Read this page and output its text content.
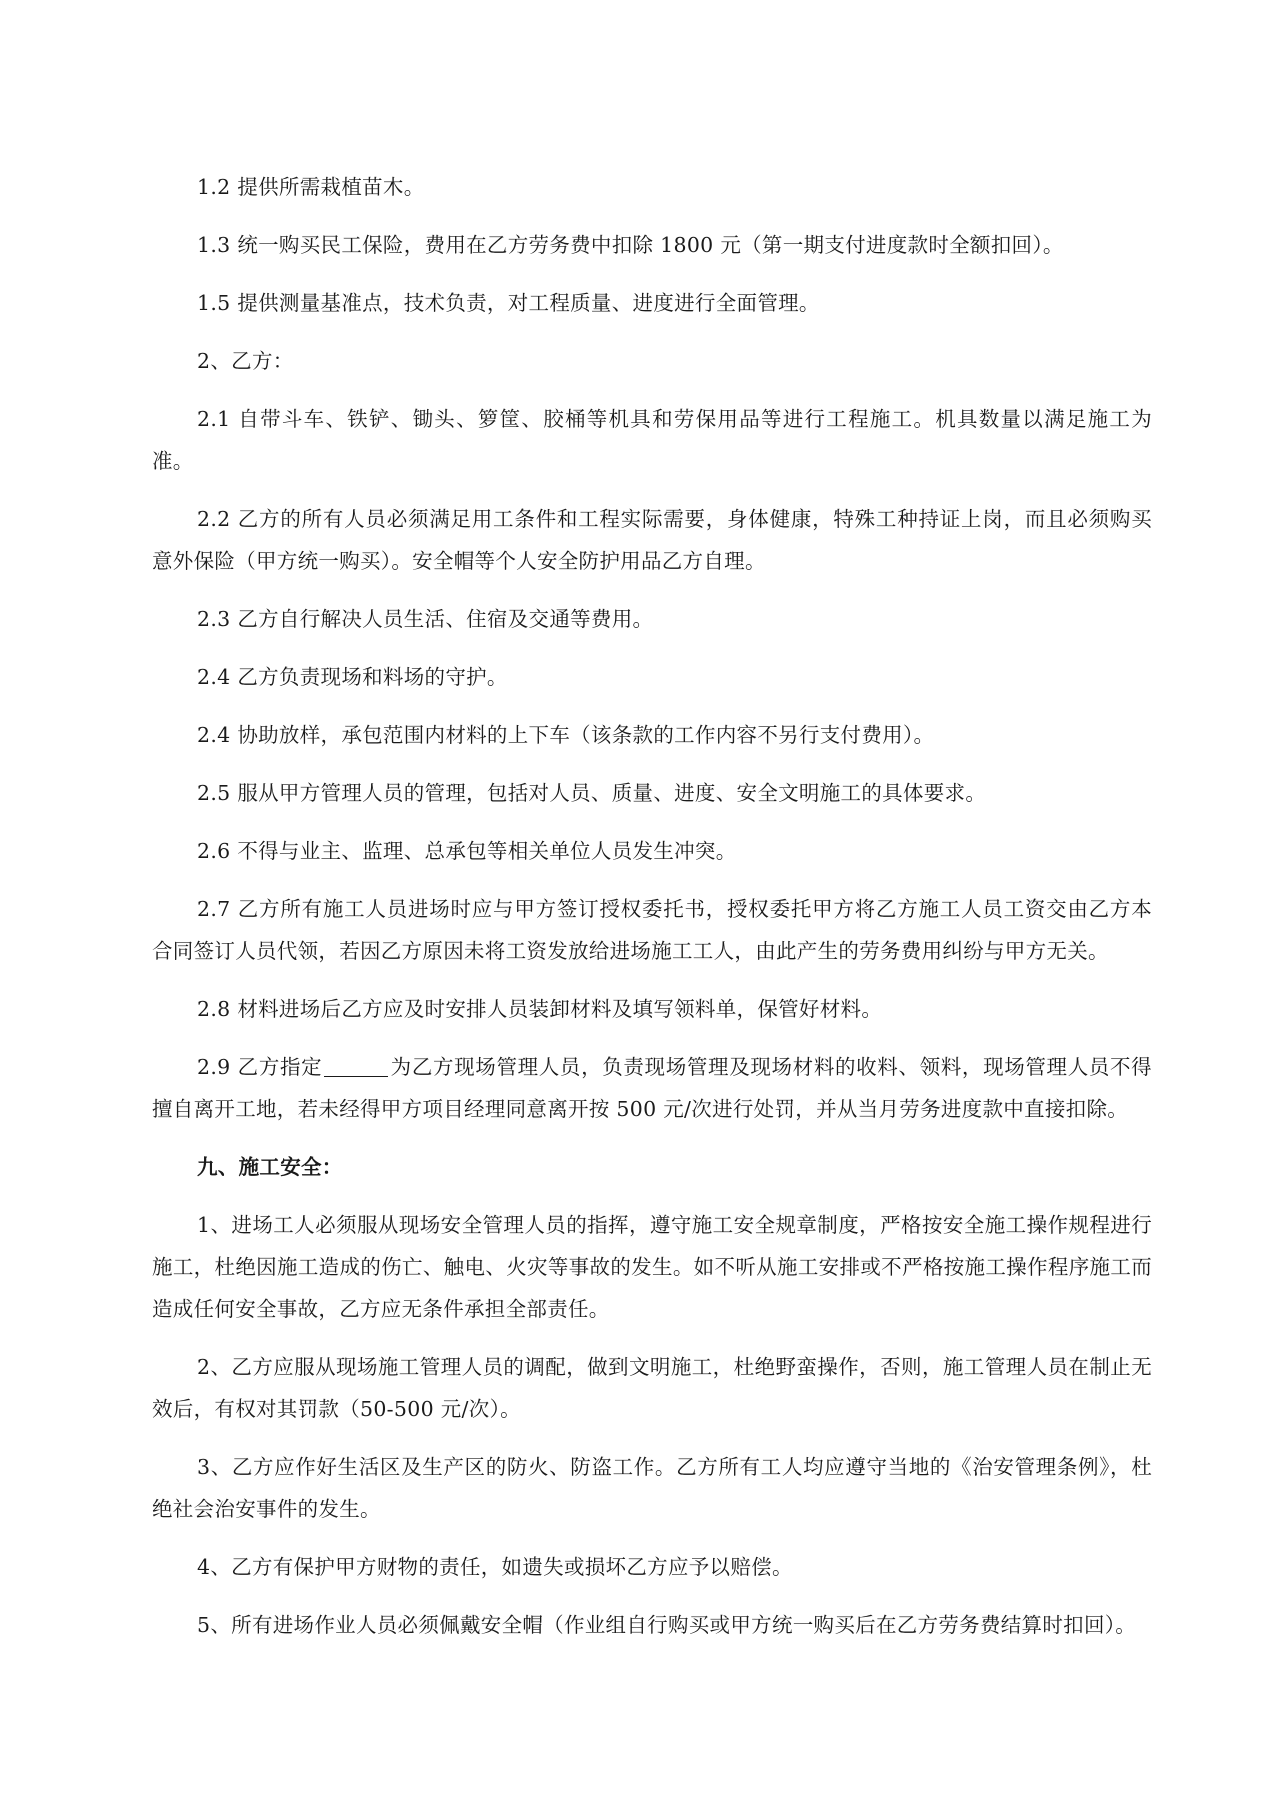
1.2 提供所需栽植苗木。

1.3 统一购买民工保险，费用在乙方劳务费中扣除 1800 元（第一期支付进度款时全额扣回）。

1.5 提供测量基准点，技术负责，对工程质量、进度进行全面管理。

2、乙方：

2.1 自带斗车、铁铲、锄头、箩筐、胶桶等机具和劳保用品等进行工程施工。机具数量以满足施工为准。

2.2 乙方的所有人员必须满足用工条件和工程实际需要，身体健康，特殊工种持证上岗，而且必须购买意外保险（甲方统一购买）。安全帽等个人安全防护用品乙方自理。

2.3 乙方自行解决人员生活、住宿及交通等费用。

2.4 乙方负责现场和料场的守护。

2.4 协助放样，承包范围内材料的上下车（该条款的工作内容不另行支付费用）。

2.5 服从甲方管理人员的管理，包括对人员、质量、进度、安全文明施工的具体要求。

2.6 不得与业主、监理、总承包等相关单位人员发生冲突。

2.7 乙方所有施工人员进场时应与甲方签订授权委托书，授权委托甲方将乙方施工人员工资交由乙方本合同签订人员代领，若因乙方原因未将工资发放给进场施工工人，由此产生的劳务费用纠纷与甲方无关。

2.8 材料进场后乙方应及时安排人员装卸材料及填写领料单，保管好材料。

2.9 乙方指定	为乙方现场管理人员，负责现场管理及现场材料的收料、领料，现场管理人员不得擅自离开工地，若未经得甲方项目经理同意离开按 500 元/次进行处罚，并从当月劳务进度款中直接扣除。

九、施工安全：

1、进场工人必须服从现场安全管理人员的指挥，遵守施工安全规章制度，严格按安全施工操作规程进行施工，杜绝因施工造成的伤亡、触电、火灾等事故的发生。如不听从施工安排或不严格按施工操作程序施工而造成任何安全事故，乙方应无条件承担全部责任。

2、乙方应服从现场施工管理人员的调配，做到文明施工，杜绝野蛮操作，否则，施工管理人员在制止无效后，有权对其罚款（50-500 元/次）。

3、乙方应作好生活区及生产区的防火、防盗工作。乙方所有工人均应遵守当地的《治安管理条例》，杜绝社会治安事件的发生。

4、乙方有保护甲方财物的责任，如遗失或损坏乙方应予以赔偿。

5、所有进场作业人员必须佩戴安全帽（作业组自行购买或甲方统一购买后在乙方劳务费结算时扣回）。
